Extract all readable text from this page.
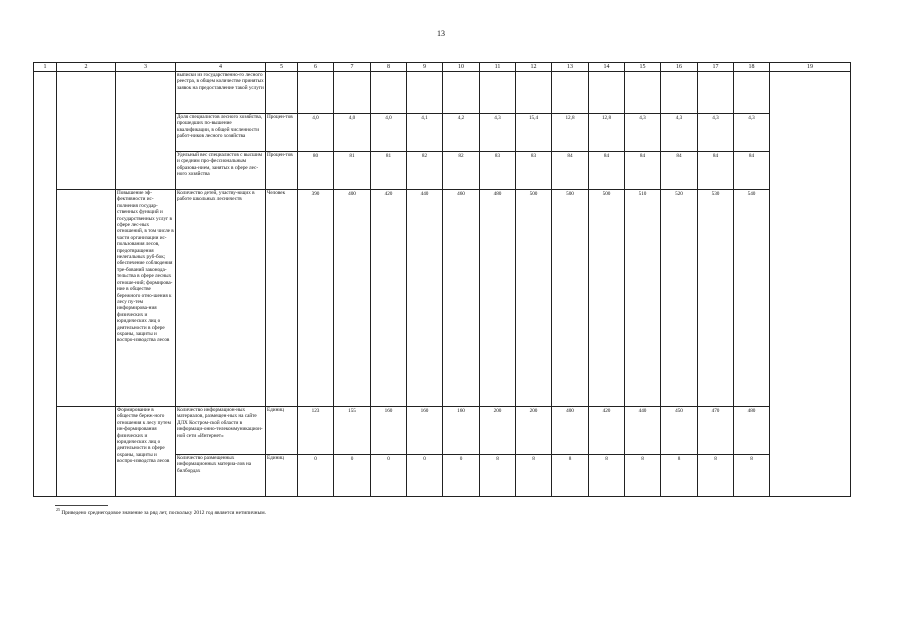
13
1	2	3	4	5	6	7	8	9	10	11	12	13	14	15	16	17	18	19
			выписки из государственно-го лесного реестра, в общем количестве принятых заявок на предоставление такой услуги															
			Доля специалистов лесного хозяйства, прошедших по-вышение квалификации, в общей численности работ-ников лесного хозяйства	Процен-тов	4,0	4,0	4,0	4,1	4,2	4,3	15,4	12,8	12,8	4,3	4,3	4,3	4,3	
			Удельный вес специалистов с высшим и средним про-фессиональным образова-нием, занятых в сфере лес-ного хозяйства	Процен-тов	80	81	81	82	82	83	83	84	84	84	84	84	84	
		Повышение эф-фективности ис-полнения государ-ственных функций и государственных услуг в сфере лес-ных отношений, в том числе в части организации ис-пользования лесов, предотвращения нелегальных руб-бок; обеспечение соблюдения тре-бований законода-тельства в сфере лесных отноше-ний; формирова-ние в обществе бережного отно-шения к лесу пу-тем информирова-ния физических и юридических лиц о деятельности в сфере охраны, защиты и воспро-изводства лесов	Количество детей, участву-ющих в работе школьных лесничеств	Человек	390	400	420	440	460	480	500	500	500	510	520	530	540	
		Формирование в обществе береж-ного отношения к лесу путем ин-формирования физических и юридических лиц о деятельности в сфере охраны, защиты и воспро-изводства лесов	Количество информацион-ных материалов, размещен-ных на сайте ДЛХ Костром-ской области в информаци-онно-телекоммуникацион-ной сети «Интернет»	Единиц	123	155	160	160	160	200	200	400	420	440	450	470	480	
			Количество размещенных информационных материа-лов на билбордах	Единиц	0	0	0	0	0	8	8	8	8	8	8	8	8	
$^{25}$ Приведено среднегодовое значение за ряд лет, поскольку 2012 год является нетипичным.
